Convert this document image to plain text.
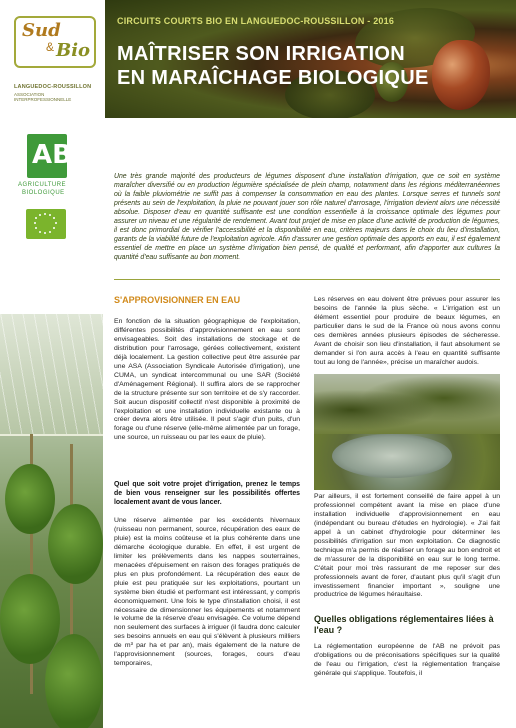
CIRCUITS COURTS BIO EN LANGUEDOC-ROUSSILLON - 2016
MAÎTRISER SON IRRIGATION
EN MARAÎCHAGE BIOLOGIQUE
Sud
& Bio
LANGUEDOC-ROUSSILLON
ASSOCIATION INTERPROFESSIONNELLE
AB
AGRICULTURE
BIOLOGIQUE
Une très grande majorité des producteurs de légumes disposent d'une installation d'irrigation, que ce soit en système maraîcher diversifié ou en production légumière spécialisée de plein champ, notamment dans les régions méditerranéennes où la faible pluviométrie ne suffit pas à compenser la consommation en eau des plantes. Lorsque serres et tunnels sont présents au sein de l'exploitation, la pluie ne pouvant jouer son rôle naturel d'arrosage, l'irrigation devient alors une nécessité absolue. Disposer d'eau en quantité suffisante est une condition essentielle à la croissance optimale des légumes pour assurer un niveau et une régularité de rendement. Avant tout projet de mise en place d'une activité de production de légumes, il est donc primordial de vérifier l'accessibilité et la disponibilité en eau, critères majeurs dans le choix du lieu d'installation, garants de la viabilité future de l'exploitation agricole. Afin d'assurer une gestion optimale des apports en eau, il est également essentiel de mettre en place un système d'irrigation bien pensé, de qualité et performant, afin d'apporter aux cultures la quantité d'eau suffisante au bon moment.
S'APPROVISIONNER EN EAU

En fonction de la situation géographique de l'exploitation, différentes possibilités d'approvisionnement en eau sont envisageables. Soit des installations de stockage et de distribution pour l'arrosage, gérées collectivement, existent déjà localement. La gestion collective peut être assurée par une ASA (Association Syndicale Autorisée d'irrigation), une CUMA, un syndicat intercommunal ou une SAR (Société d'Aménagement Régional). Il suffira alors de se rapprocher de la structure présente sur son territoire et de s'y raccorder. Soit aucun dispositif collectif n'est disponible à proximité de l'exploitation et une installation individuelle existante ou à créer devra alors être utilisée. Il peut s'agir d'un puits, d'un forage ou d'une réserve (elle-même alimentée par un forage, une source, un ruisseau ou par les eaux de pluie).

Quel que soit votre projet d'irrigation, prenez le temps de bien vous renseigner sur les possibilités offertes localement avant de vous lancer.

Une réserve alimentée par les excédents hivernaux (ruisseau non permanent, source, récupération des eaux de pluie) est la moins coûteuse et la plus cohérente dans une démarche écologique durable. En effet, il est urgent de limiter les prélèvements dans les nappes souterraines, menacées d'épuisement en raison des forages pratiqués de plus en plus profondément. La récupération des eaux de pluie est peu pratiquée sur les exploitations, pourtant un système bien étudié et performant est intéressant, y compris économiquement. Une fois le type d'installation choisi, il est nécessaire de dimensionner les équipements et notamment le volume de la réserve d'eau envisagée. Ce volume dépend non seulement des surfaces à irriguer (il faudra donc calculer ses besoins annuels en eau qui s'élèvent à plusieurs milliers de m³ par ha et par an), mais également de la nature de l'approvisionnement (sources, forages, cours d'eau temporaires,

Les réserves en eau doivent être prévues pour assurer les besoins de l'année la plus sèche. « L'irrigation est un élément essentiel pour produire de beaux légumes, en particulier dans le sud de la France où nous avons connu ces dernières années plusieurs épisodes de sécheresse. Avant de choisir son lieu d'installation, il faut absolument se demander si l'on aura accès à l'eau en quantité suffisante tout au long de l'année», précise un maraîcher audois.

Par ailleurs, il est fortement conseillé de faire appel à un professionnel compétent avant la mise en place d'une installation individuelle d'approvisionnement en eau (indépendant ou bureau d'études en hydrologie). « J'ai fait appel à un cabinet d'hydrologie pour déterminer les possibilités d'irrigation sur mon exploitation. Ce diagnostic technique m'a permis de réaliser un forage au bon endroit et de m'assurer de la disponibilité en eau sur le long terme. C'était pour moi très rassurant de me reposer sur des professionnels avant de forer, d'autant plus qu'il s'agit d'un investissement financier important », souligne une productrice de légumes héraultaise.

Quelles obligations réglementaires liées à l'eau ?

La réglementation européenne de l'AB ne prévoit pas d'obligations ou de préconisations spécifiques sur la qualité de l'eau ou l'irrigation, c'est la réglementation française générale qui s'applique. Toutefois, il
